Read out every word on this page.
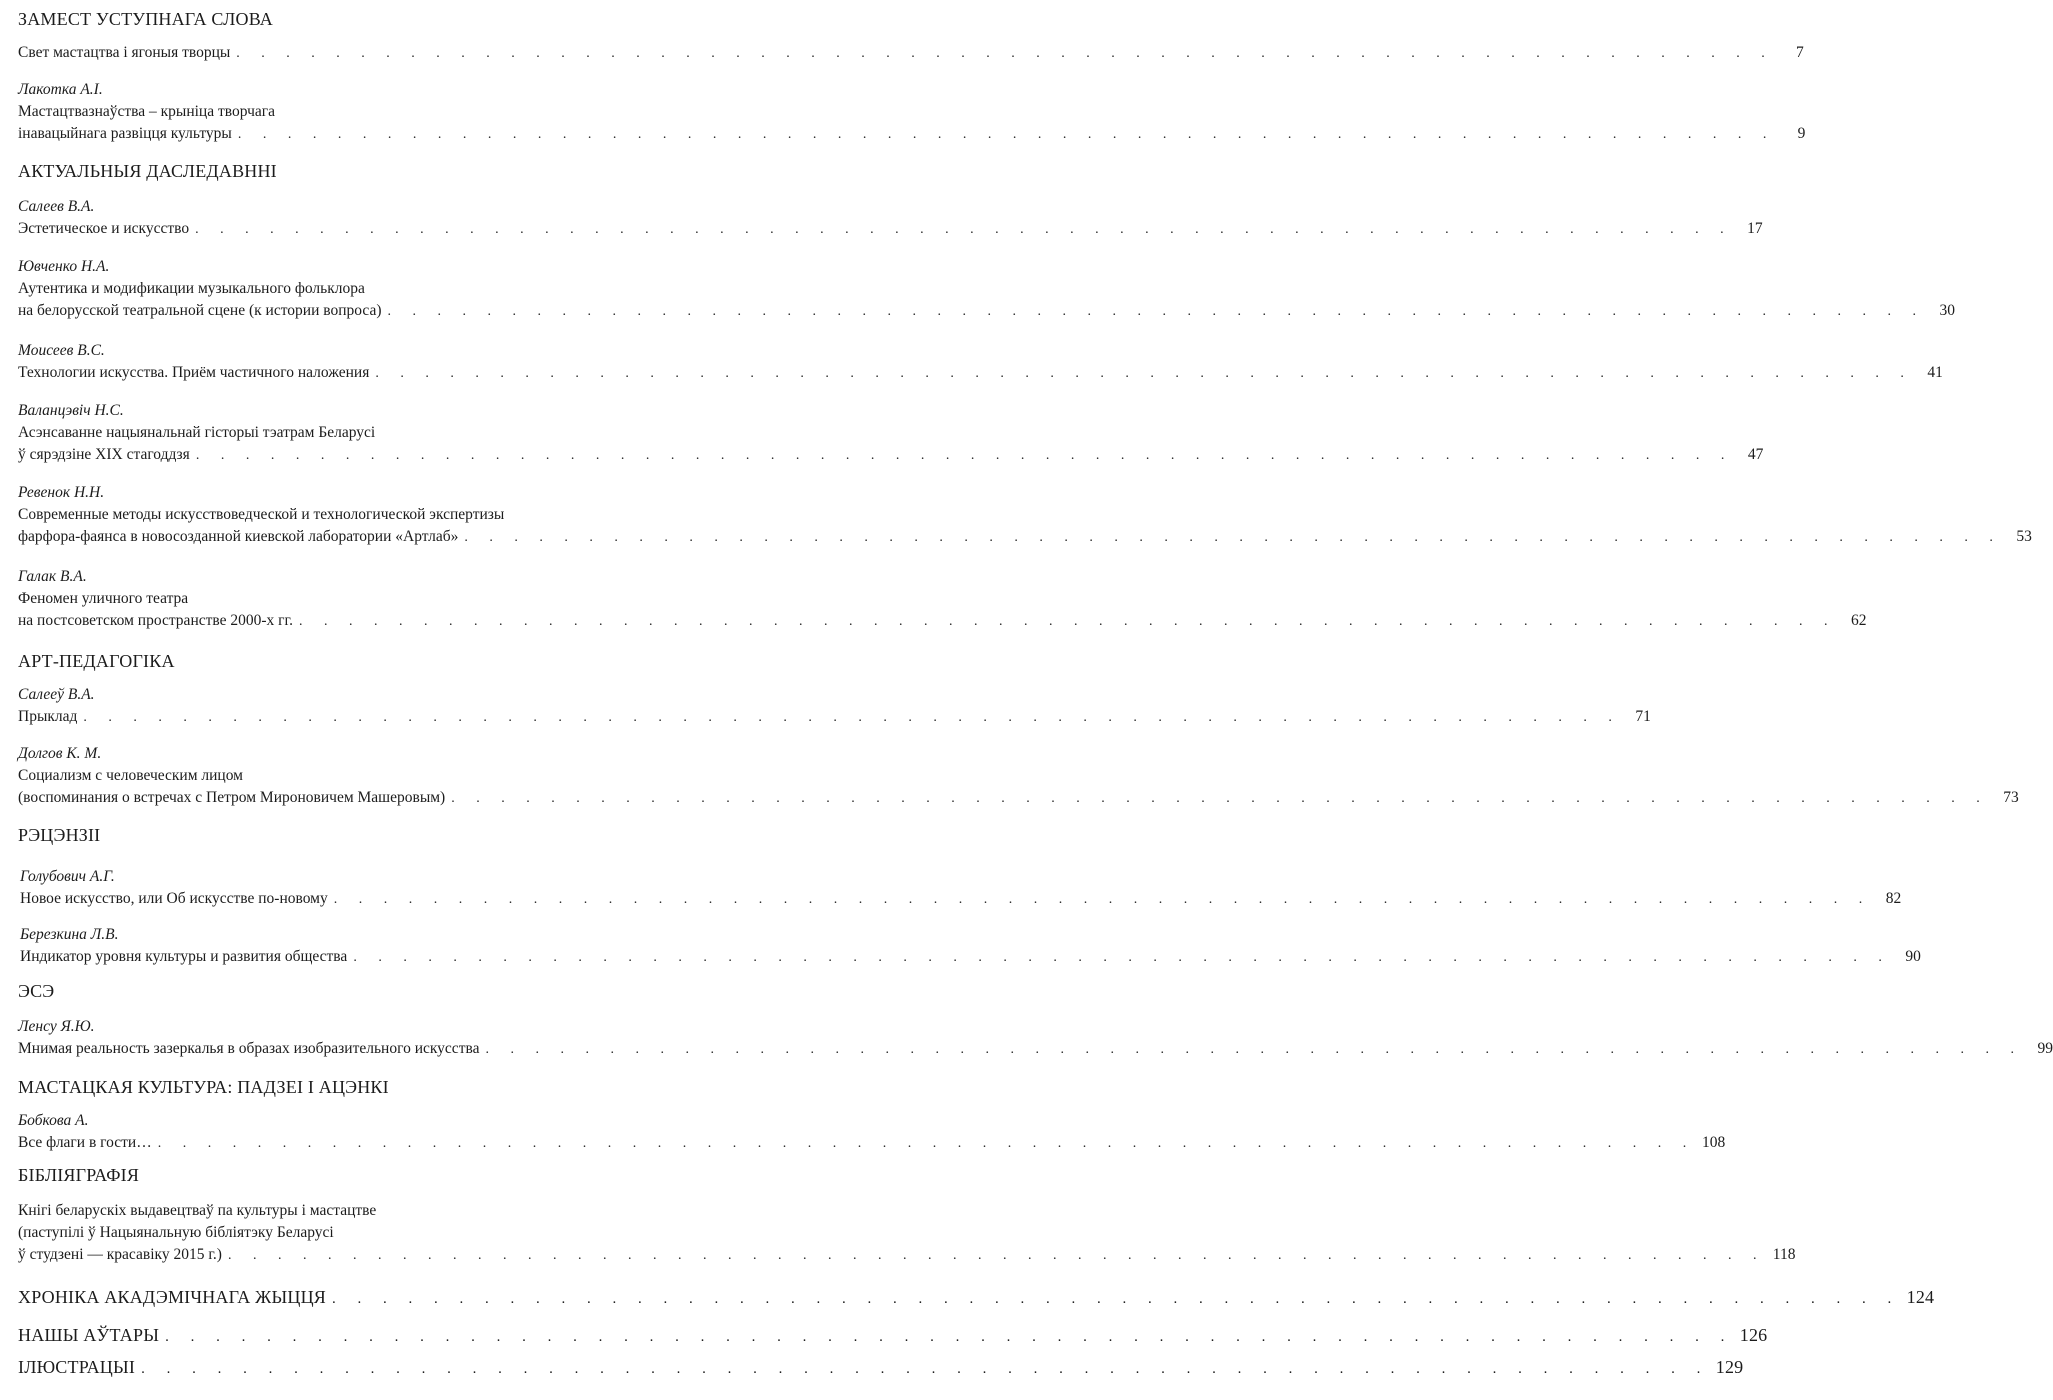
ЗАМЕСТ УСТУПНАГА СЛОВА
Свет мастацтва і ягоныя творцы . . . . . . . . . . . . . . . . . . . . . . . . . . . . . . . . . . . . . . . . . . . . . . . . . . . . . . . . . . . . . .	7
Лакотка А.І.
Мастацтвазнаўства – крыніца творчага
інавацыйнага развіцця культуры . . . . . . . . . . . . . . . . . . . . . . . . . . . . . . . . . . . . . . . . . . . . . . . . . . . . . . . . . . . . . .	9
АКТУАЛЬНЫЯ ДАСЛЕДАВННІ
Салеев В.А.
Эстетическое и искусство . . . . . . . . . . . . . . . . . . . . . . . . . . . . . . . . . . . . . . . . . . . . . . . . . . . . . . . . . . . . . . 17
Ювченко Н.А.
Аутентика и модификации музыкального фольклора
на белорусской театральной сцене (к истории вопроса) . . . . . . . . . . . . . . . . . . . . . . . . . . . . . . . . . . . . . . . . . . . . . . . . . . . . . . . . . . . . . . 30
Моисеев В.С.
Технологии искусства. Приём частичного наложения . . . . . . . . . . . . . . . . . . . . . . . . . . . . . . . . . . . . . . . . . . . . . . . . . . . . . . . . . . . . . . 41
Валанцэвіч Н.С.
Асэнсаванне нацыянальнай гісторыі тэатрам Беларусі
ў сярэдзіне ХІХ стагоддзя . . . . . . . . . . . . . . . . . . . . . . . . . . . . . . . . . . . . . . . . . . . . . . . . . . . . . . . . . . . . . . 47
Ревенок Н.Н.
Современные методы искусствоведческой и технологической экспертизы
фарфора-фаянса в новосозданной киевской лаборатории «Артлаб» . . . . . . . . . . . . . . . . . . . . . . . . . . . . . . . . . . . . . . . . . . . . . . . . . . . . . . . . . . . . . . 53
Галак В.А.
Феномен уличного театра
на постсоветском пространстве 2000-х гг. . . . . . . . . . . . . . . . . . . . . . . . . . . . . . . . . . . . . . . . . . . . . . . . . . . . . . . . . . . . . . . 62
АРТ-ПЕДАГОГІКА
Салееў В.А.
Прыклад . . . . . . . . . . . . . . . . . . . . . . . . . . . . . . . . . . . . . . . . . . . . . . . . . . . . . . . . . . . . . . 71
Долгов К. М.
Социализм с человеческим лицом
(воспоминания о встречах с Петром Мироновичем Машеровым) . . . . . . . . . . . . . . . . . . . . . . . . . . . . . . . . . . . . . . . . . . . . . . . . . . . . . . . . . . . . . . 73
РЭЦЭНЗІІ
Голубович А.Г.
Новое искусство, или Об искусстве по-новому . . . . . . . . . . . . . . . . . . . . . . . . . . . . . . . . . . . . . . . . . . . . . . . . . . . . . . . . . . . . . . 82
Березкина Л.В.
Индикатор уровня культуры и развития общества . . . . . . . . . . . . . . . . . . . . . . . . . . . . . . . . . . . . . . . . . . . . . . . . . . . . . . . . . . . . . . 90
ЭСЭ
Ленсу Я.Ю.
Мнимая реальность зазеркалья в образах изобразительного искусства . . . . . . . . . . . . . . . . . . . . . . . . . . . . . . . . . . . . . . . . . . . . . . . . . . . . . . . . . . . . . . 99
МАСТАЦКАЯ КУЛЬТУРА: ПАДЗЕІ І АЦЭНКІ
Бобкова А.
Все флаги в гости… . . . . . . . . . . . . . . . . . . . . . . . . . . . . . . . . . . . . . . . . . . . . . . . . . . . . . . . . . . . . . . 108
БІБЛІЯГРАФІЯ
Кнігі беларускіх выдавецтваў па культуры і мастацтве
(паступілі ў Нацыянальную бібліятэку Беларусі
ў студзені — красавіку 2015 г.) . . . . . . . . . . . . . . . . . . . . . . . . . . . . . . . . . . . . . . . . . . . . . . . . . . . . . . . . . . . . . . 118
ХРОНІКА АКАДЭМІЧНАГА ЖЫЦЦЯ . . . . . . . . . . . . . . . . . . . . . . . . . . . . . . . . . . . . . . . . . . . . . . . . . . . . . . . . . . . . . . 124
НАШЫ АЎТАРЫ . . . . . . . . . . . . . . . . . . . . . . . . . . . . . . . . . . . . . . . . . . . . . . . . . . . . . . . . . . . . . . 126
ІЛЮСТРАЦЫІ . . . . . . . . . . . . . . . . . . . . . . . . . . . . . . . . . . . . . . . . . . . . . . . . . . . . . . . . . . . . . . 129
